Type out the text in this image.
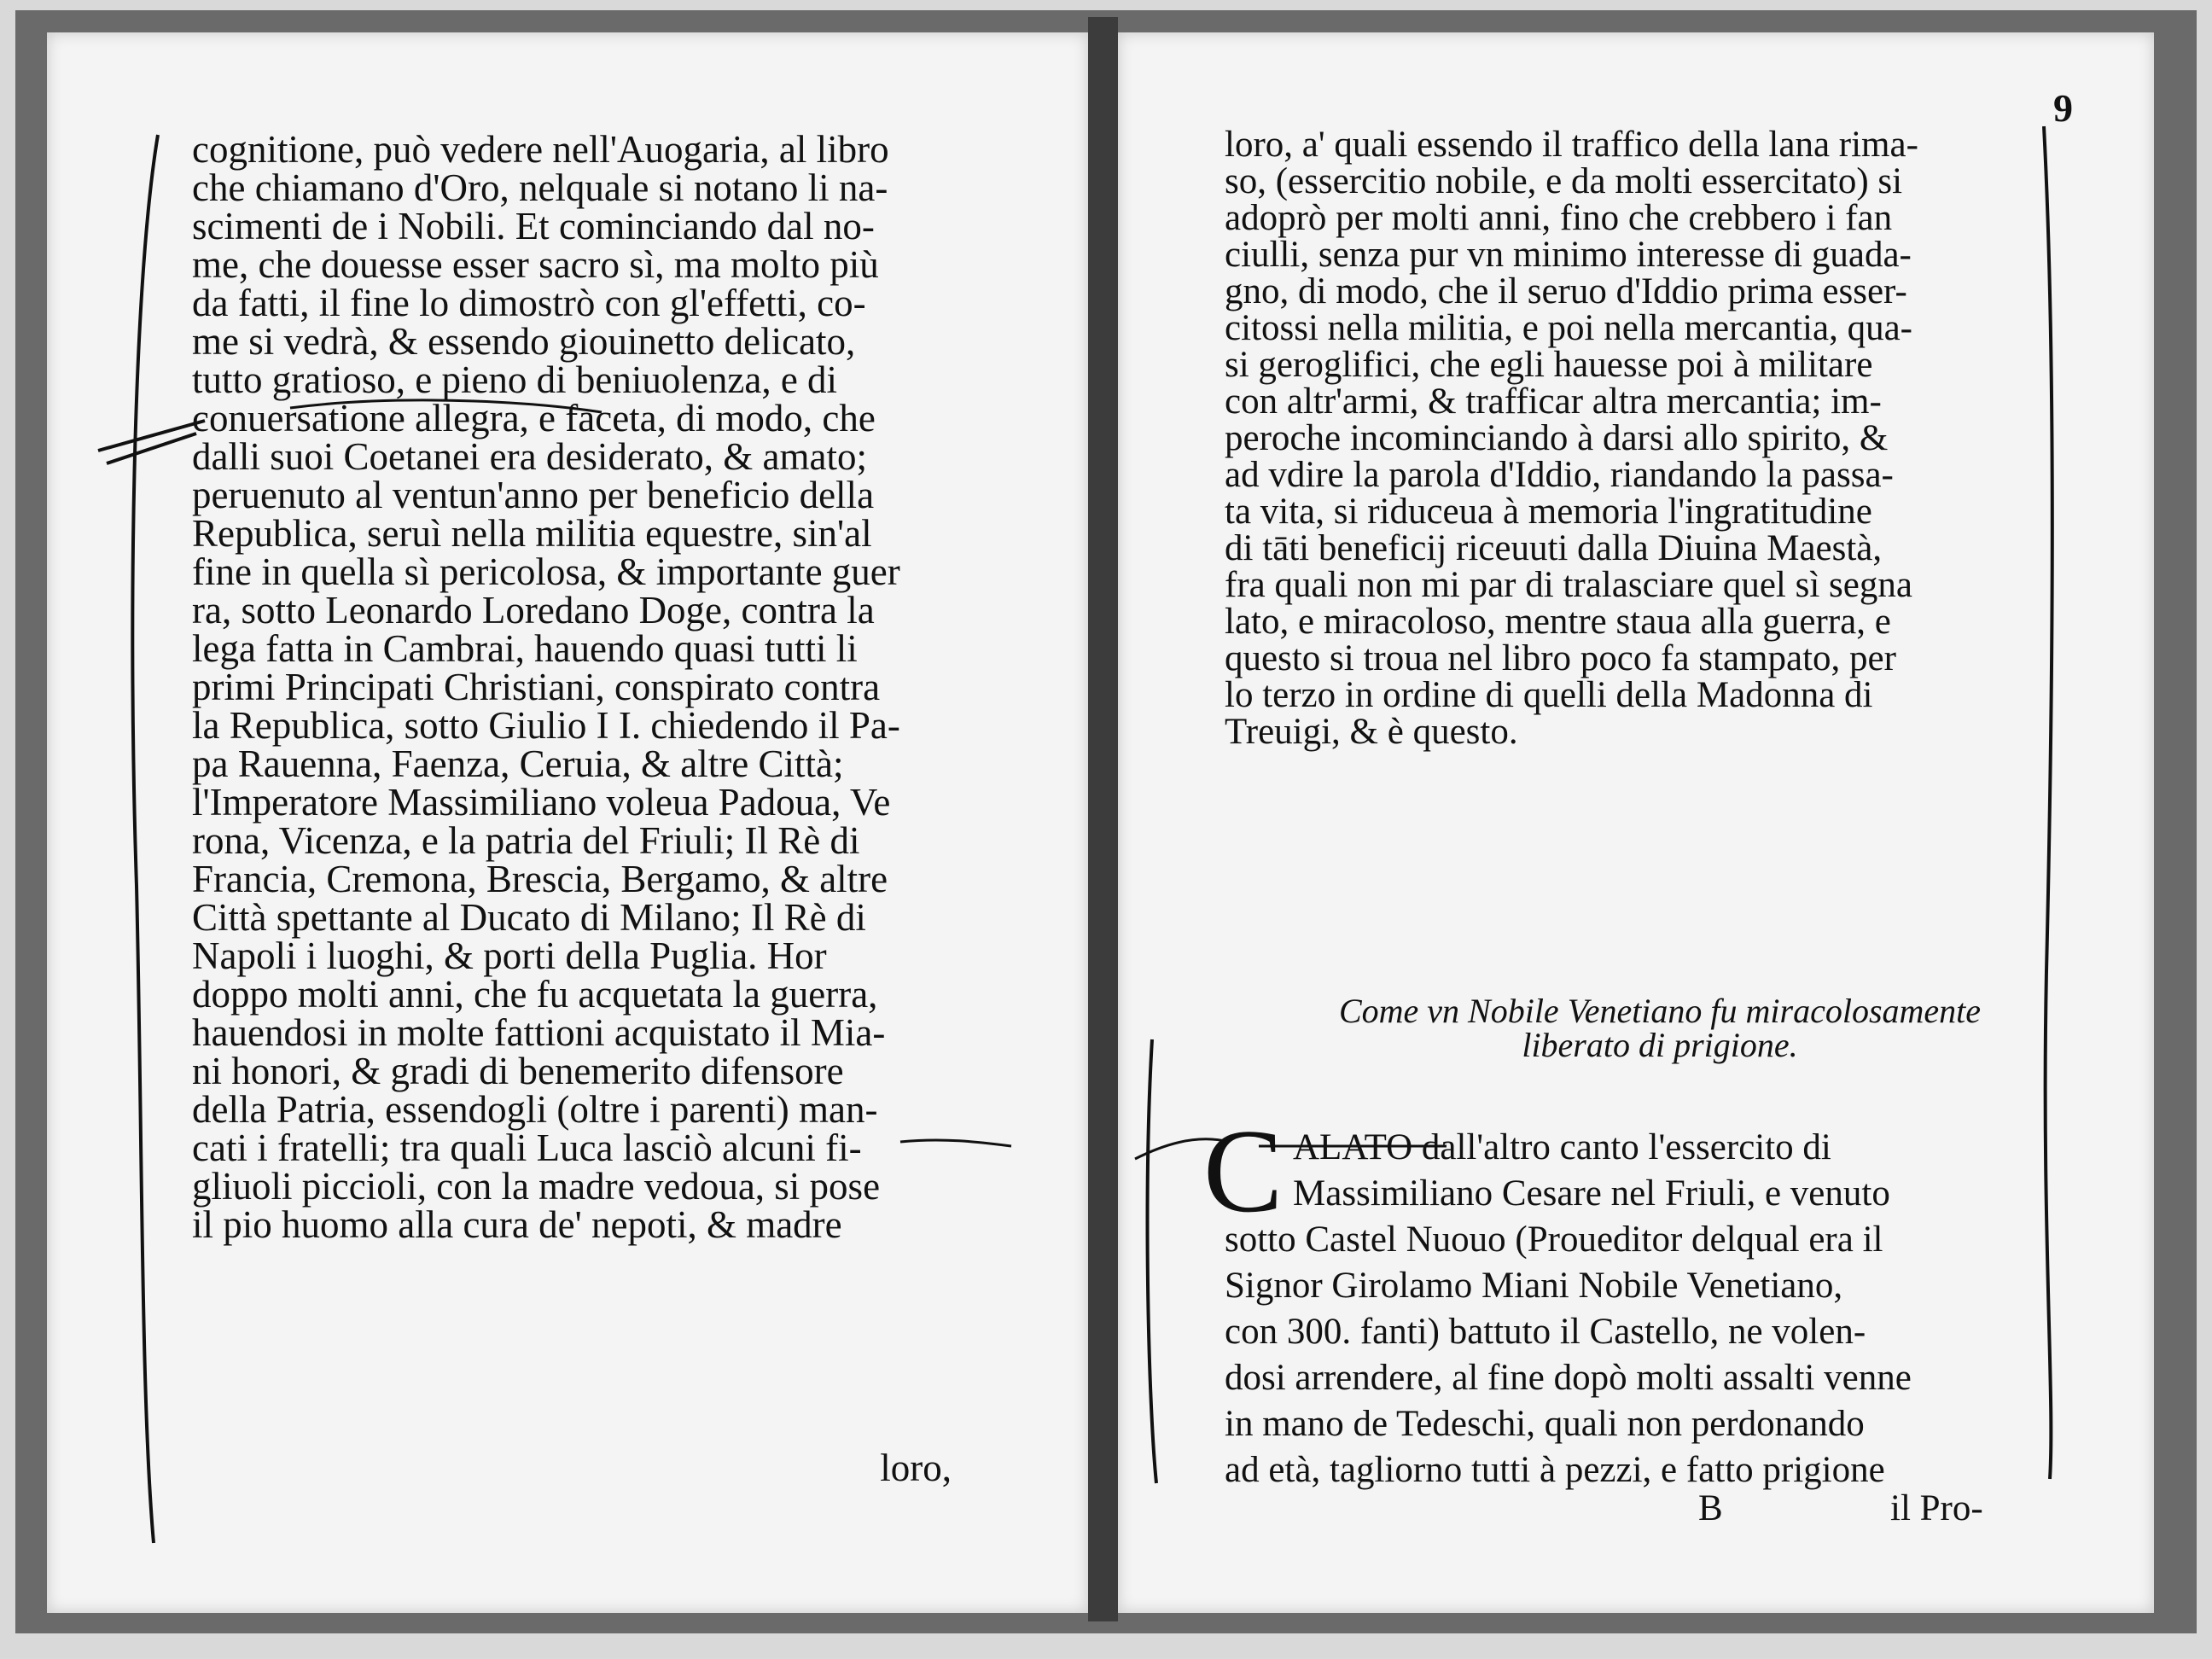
cognitione, può vedere nell'Auogaria, al libro
che chiamano d'Oro, nelquale si notano li na-
scimenti de i Nobili. Et cominciando dal no-
me, che douesse esser sacro sì, ma molto più
da fatti, il fine lo dimostrò con gl'effetti, co-
me si vedrà, & essendo giouinetto delicato,
tutto gratioso, e pieno di beniuolenza, e di
conuersatione allegra, e faceta, di modo, che
dalli suoi Coetanei era desiderato, & amato;
peruenuto al ventun'anno per beneficio della
Republica, seruì nella militia equestre, sin'al
fine in quella sì pericolosa, & importante guer
ra, sotto Leonardo Loredano Doge, contra la
lega fatta in Cambrai, hauendo quasi tutti li
primi Principati Christiani, conspirato contra
la Republica, sotto Giulio I I. chiedendo il Pa-
pa Rauenna, Faenza, Ceruia, & altre Città;
l'Imperatore Massimiliano voleua Padoua, Ve
rona, Vicenza, e la patria del Friuli; Il Rè di
Francia, Cremona, Brescia, Bergamo, & altre
Città spettante al Ducato di Milano; Il Rè di
Napoli i luoghi, & porti della Puglia. Hor
doppo molti anni, che fu acquetata la guerra,
hauendosi in molte fattioni acquistato il Mia-
ni honori, & gradi di benemerito difensore
della Patria, essendogli (oltre i parenti) man-
cati i fratelli; tra quali Luca lasciò alcuni fi-
gliuoli piccioli, con la madre vedoua, si pose
il pio huomo alla cura de' nepoti, & madre
loro,
9
loro, a' quali essendo il traffico della lana rima-
so, (essercitio nobile, e da molti essercitato) si
adoprò per molti anni, fino che crebbero i fan
ciulli, senza pur vn minimo interesse di guada-
gno, di modo, che il seruo d'Iddio prima esser-
citossi nella militia, e poi nella mercantia, qua-
si geroglifici, che egli hauesse poi à militare
con altr'armi, & trafficar altra mercantia; im-
peroche incominciando à darsi allo spirito, &
ad vdire la parola d'Iddio, riandando la passa-
ta vita, si riduceua à memoria l'ingratitudine
di tāti beneficij riceuuti dalla Diuina Maestà,
fra quali non mi par di tralasciare quel sì segna
lato, e miracoloso, mentre staua alla guerra, e
questo si troua nel libro poco fa stampato, per
lo terzo in ordine di quelli della Madonna di
Treuigi, & è questo.
Come vn Nobile Venetiano fu miracolosamente
liberato di prigione.
C ALATO dall'altro canto l'essercito di
Massimiliano Cesare nel Friuli, e venuto
sotto Castel Nuouo (Proueditor delqual era il
Signor Girolamo Miani Nobile Venetiano,
con 300. fanti) battuto il Castello, ne volen-
dosi arrendere, al fine dopò molti assalti venne
in mano de Tedeschi, quali non perdonando
ad età, tagliorno tutti à pezzi, e fatto prigione
B	il Pro-
